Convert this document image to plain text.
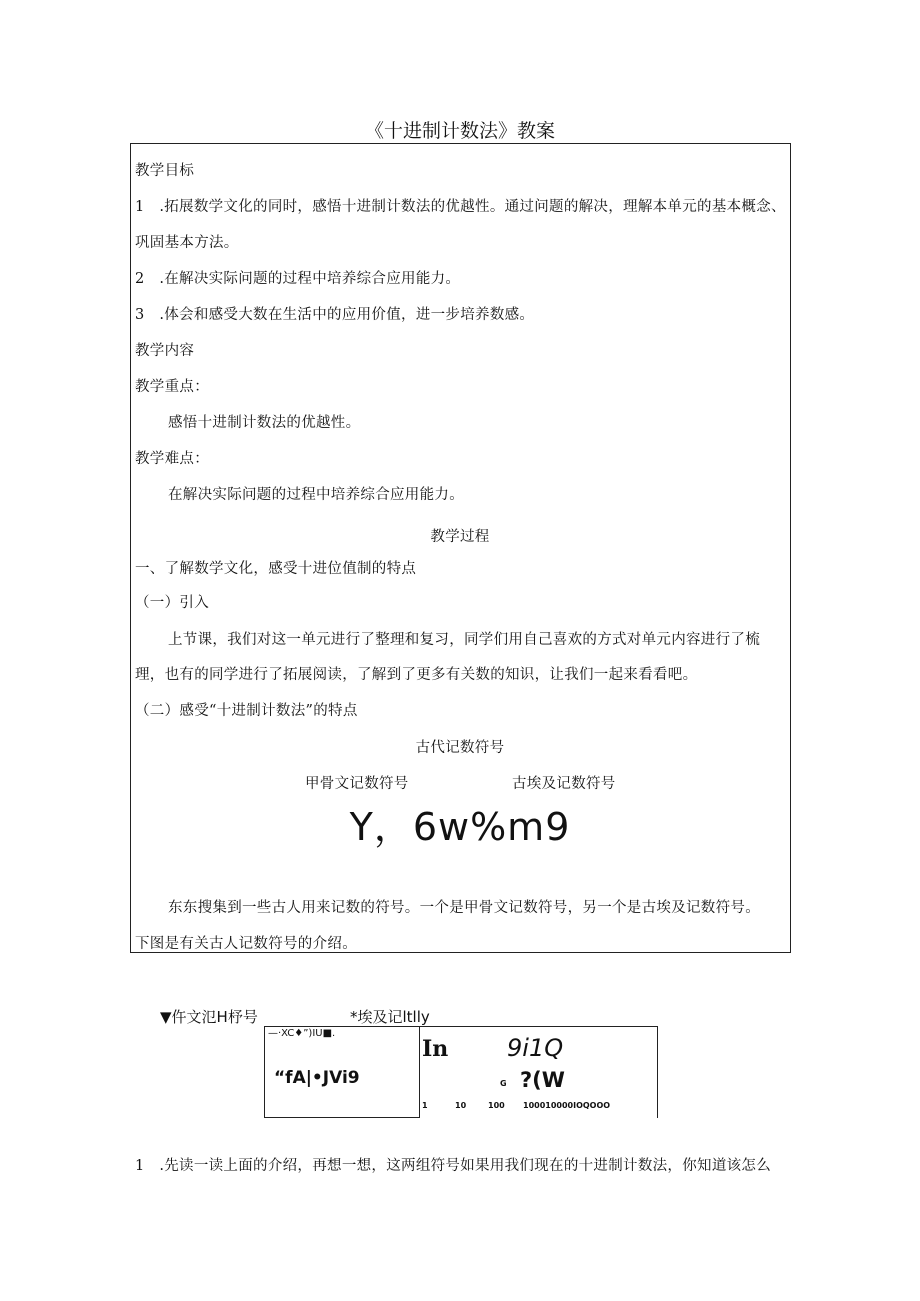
《十进制计数法》教案
教学目标
1　.拓展数学文化的同时，感悟十进制计数法的优越性。通过问题的解决，理解本单元的基本概念、
巩固基本方法。
2　.在解决实际问题的过程中培养综合应用能力。
3　.体会和感受大数在生活中的应用价值，进一步培养数感。
教学内容
教学重点：
感悟十进制计数法的优越性。
教学难点：
在解决实际问题的过程中培养综合应用能力。
教学过程
一、了解数学文化，感受十进位值制的特点
（一）引入
上节课，我们对这一单元进行了整理和复习，同学们用自己喜欢的方式对单元内容进行了梳
理，也有的同学进行了拓展阅读，了解到了更多有关数的知识，让我们一起来看看吧。
（二）感受“十进制计数法”的特点
古代记数符号
甲骨文记数符号	古埃及记数符号
Y，6w%m9
东东搜集到一些古人用来记数的符号。一个是甲骨文记数符号，另一个是古埃及记数符号。
下图是有关古人记数符号的介绍。
▼仵文氾H杼号	*埃及记ltlly
—·XC♦”)IU■.
“fA|•JVi9
In 9i1Q
G ?(W
1	10	100 100010000IOQOOO
1　.先读一读上面的介绍，再想一想，这两组符号如果用我们现在的十进制计数法，你知道该怎么
